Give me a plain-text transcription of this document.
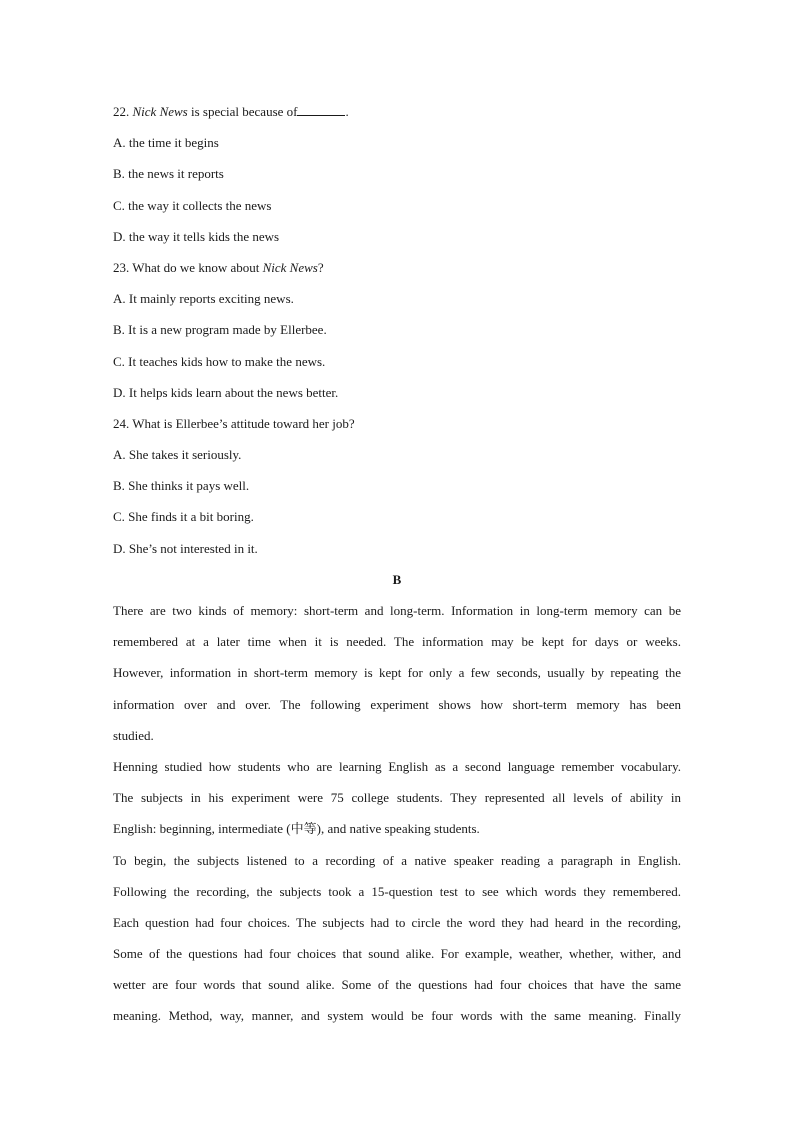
22. Nick News is special because of	.
A. the time it begins
B. the news it reports
C. the way it collects the news
D. the way it tells kids the news
23. What do we know about Nick News?
A. It mainly reports exciting news.
B. It is a new program made by Ellerbee.
C. It teaches kids how to make the news.
D. It helps kids learn about the news better.
24. What is Ellerbee’s attitude toward her job?
A. She takes it seriously.
B. She thinks it pays well.
C. She finds it a bit boring.
D. She’s not interested in it.
B
There are two kinds of memory: short-term and long-term. Information in long-term memory can be
remembered at a later time when it is needed. The information may be kept for days or weeks.
However, information in short-term memory is kept for only a few seconds, usually by repeating the
information over and over. The following experiment shows how short-term memory has been
studied.
Henning studied how students who are learning English as a second language remember vocabulary.
The subjects in his experiment were 75 college students. They represented all levels of ability in
English: beginning, intermediate (中等), and native speaking students.
To begin, the subjects listened to a recording of a native speaker reading a paragraph in English.
Following the recording, the subjects took a 15-question test to see which words they remembered.
Each question had four choices. The subjects had to circle the word they had heard in the recording,
Some of the questions had four choices that sound alike. For example, weather, whether, wither, and
wetter are four words that sound alike. Some of the questions had four choices that have the same
meaning. Method, way, manner, and system would be four words with the same meaning. Finally
